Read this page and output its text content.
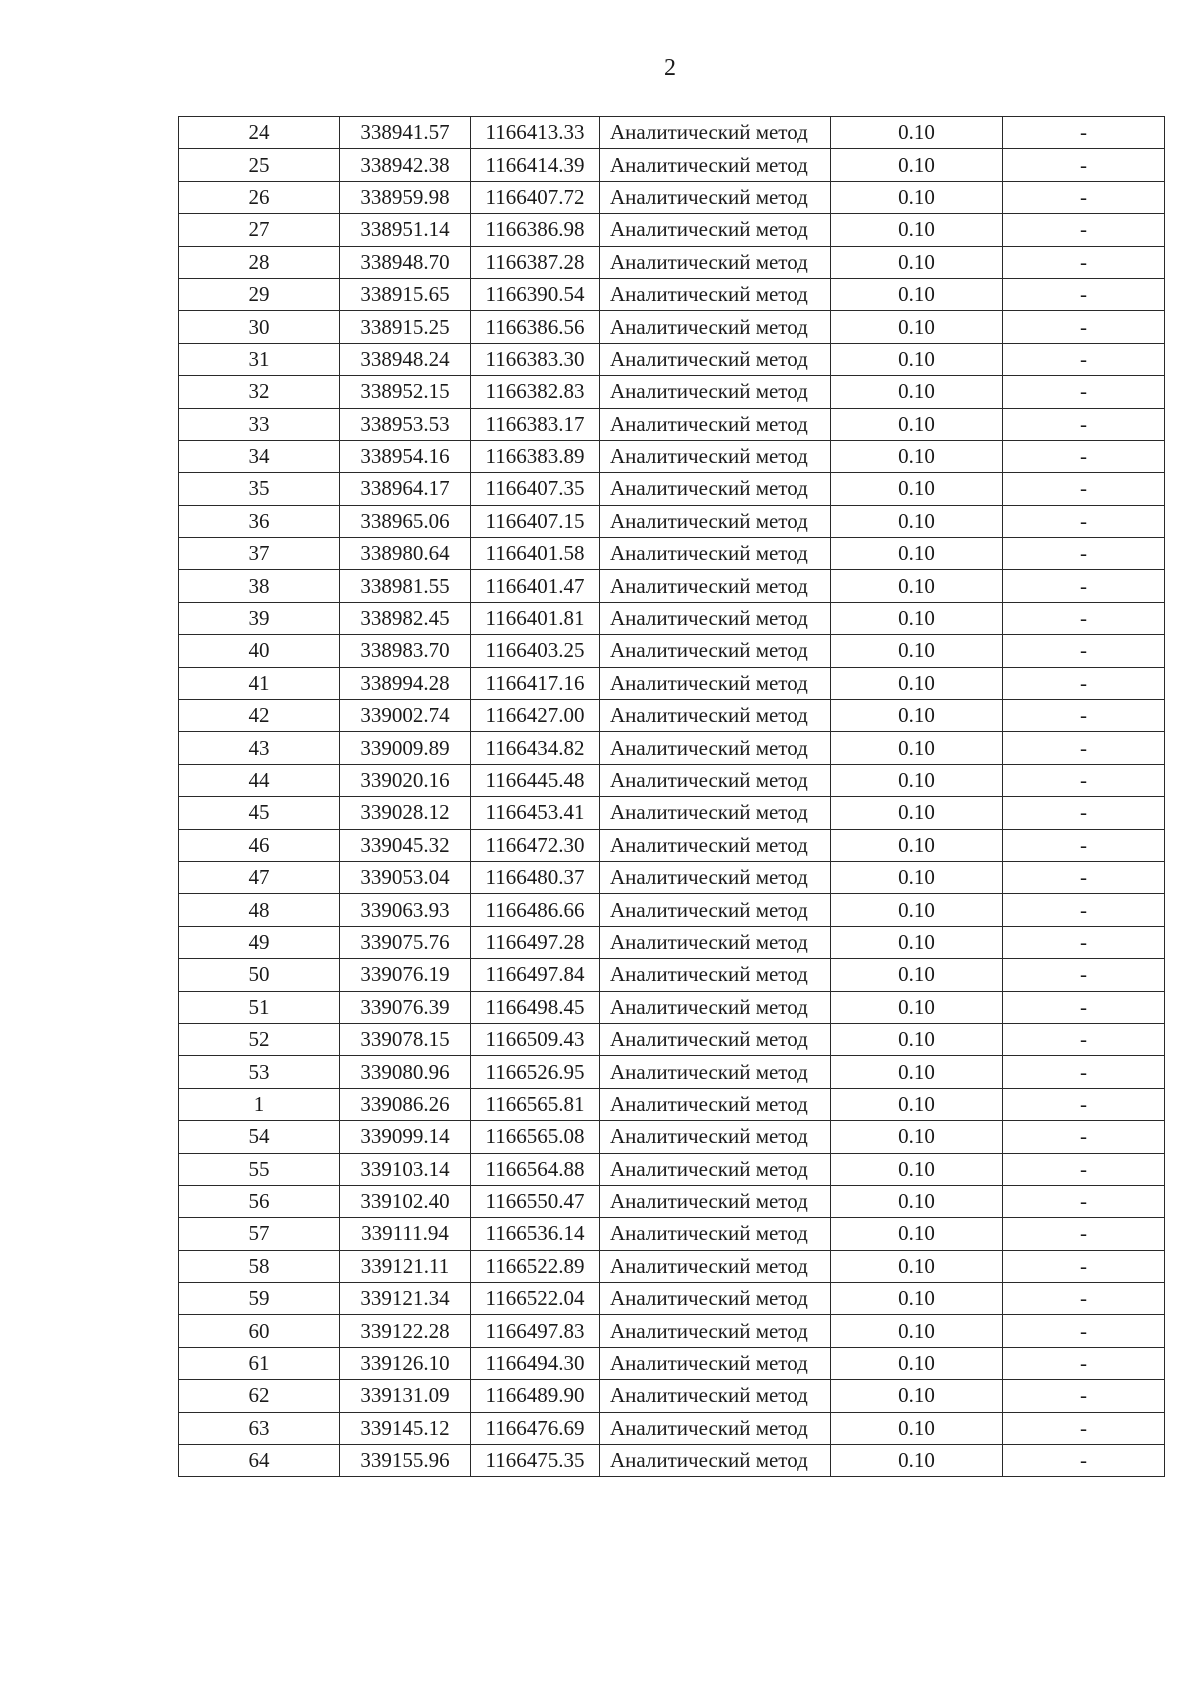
2
24	338941.57	1166413.33	Аналитический метод	0.10	-
25	338942.38	1166414.39	Аналитический метод	0.10	-
26	338959.98	1166407.72	Аналитический метод	0.10	-
27	338951.14	1166386.98	Аналитический метод	0.10	-
28	338948.70	1166387.28	Аналитический метод	0.10	-
29	338915.65	1166390.54	Аналитический метод	0.10	-
30	338915.25	1166386.56	Аналитический метод	0.10	-
31	338948.24	1166383.30	Аналитический метод	0.10	-
32	338952.15	1166382.83	Аналитический метод	0.10	-
33	338953.53	1166383.17	Аналитический метод	0.10	-
34	338954.16	1166383.89	Аналитический метод	0.10	-
35	338964.17	1166407.35	Аналитический метод	0.10	-
36	338965.06	1166407.15	Аналитический метод	0.10	-
37	338980.64	1166401.58	Аналитический метод	0.10	-
38	338981.55	1166401.47	Аналитический метод	0.10	-
39	338982.45	1166401.81	Аналитический метод	0.10	-
40	338983.70	1166403.25	Аналитический метод	0.10	-
41	338994.28	1166417.16	Аналитический метод	0.10	-
42	339002.74	1166427.00	Аналитический метод	0.10	-
43	339009.89	1166434.82	Аналитический метод	0.10	-
44	339020.16	1166445.48	Аналитический метод	0.10	-
45	339028.12	1166453.41	Аналитический метод	0.10	-
46	339045.32	1166472.30	Аналитический метод	0.10	-
47	339053.04	1166480.37	Аналитический метод	0.10	-
48	339063.93	1166486.66	Аналитический метод	0.10	-
49	339075.76	1166497.28	Аналитический метод	0.10	-
50	339076.19	1166497.84	Аналитический метод	0.10	-
51	339076.39	1166498.45	Аналитический метод	0.10	-
52	339078.15	1166509.43	Аналитический метод	0.10	-
53	339080.96	1166526.95	Аналитический метод	0.10	-
1	339086.26	1166565.81	Аналитический метод	0.10	-
54	339099.14	1166565.08	Аналитический метод	0.10	-
55	339103.14	1166564.88	Аналитический метод	0.10	-
56	339102.40	1166550.47	Аналитический метод	0.10	-
57	339111.94	1166536.14	Аналитический метод	0.10	-
58	339121.11	1166522.89	Аналитический метод	0.10	-
59	339121.34	1166522.04	Аналитический метод	0.10	-
60	339122.28	1166497.83	Аналитический метод	0.10	-
61	339126.10	1166494.30	Аналитический метод	0.10	-
62	339131.09	1166489.90	Аналитический метод	0.10	-
63	339145.12	1166476.69	Аналитический метод	0.10	-
64	339155.96	1166475.35	Аналитический метод	0.10	-
